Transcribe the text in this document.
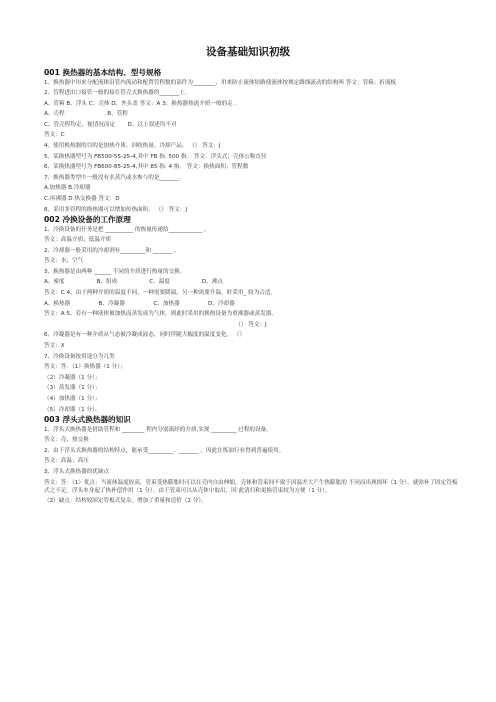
设备基础知识初级

001 换热器的基本结构、型号规格

1、换热器中用来分配流体沿管内流动和配置管程数的部件为________、用来防止流体短路使流体按规定路线流动的结构叫 答文：管箱；折流板

2、管程进出口接管一般的接在管壳式换热器的_______上。

A、管箱 B、浮头 C、壳体 D、外头盖 答文：A 3、换热器热流介质一般的走 。

A、壳程                        B、管程

C、管壳程均走，视情况而定       D、以上叙述均不对

答文：C

4、使用换热器的目的是加热介质、回收热量、冷却产品。 （） 答文：J

5、某换热器型号为 FB500-55-25-4,其中 FB 指. 500 指。 答文：浮头式；壳体公称直径

6、某换热器型号为 FB600-85-25-4,其中 85 指. 4 指。 答文：换热面积；管程数

7、换热器类型中一般没有水蒸汽或水参与的是_______。

A.加热器 B.冷却器

C.再沸器 D.热交换器 答文：D

8、采用多管程的换热器可以增加传热面积。 （） 答文：J

002 冷换设备的工作原理

1、冷换设备的任务是把 __________ 的热量传递给____________ 。

答文：高温介质；低温介质

2、冷却器一般采用的冷却剂有_________和 _______ 。

答文：水；空气

3、换热器是由两种 ______ 不同的介质进行热量的交换。

A、密度                  B、组成                  C、温度                  D、沸点

答文：C 4、由于两种介质的温度不同，一种需要降温，另一种需要升温，时采用_ 较为合适。

A、换热器                B、冷凝器                C、加热器                D、冷却器

答文：A 5、若有一种液体被加热而蒸发成为气体，则此时采用的换热设备为重沸器或蒸发器。

（） 答文：J

6、冷凝器是有一种介质从气态被冷凝成液态，同时伴随大幅度的温度变化。 （）

答文：X

7、冷换设备按用途分为几类

答文：答：（1）换热器（1 分）；

（2）冷凝器（1 分）；

（3）蒸发器（1 分）；

（4）加热器（1 分）；

（5）冷却器（1 分）。

003 浮头式换热器的知识

1、浮头式换热器是借助管程和 ________ 程内分别流经的介质,实现 _________ 过程的设备。

答文：壳；热交换

2、由于浮头式换热器的结构特点，能承受_________、_______ ，因此在炼油行业得到普遍使用。

答文：高温；高压

3、浮头式换热器的优缺点

答文：答：（1）优点：当流体温度较高，管束受热膨胀时可以在壳内自由伸缩，壳体和管束间不致于因温差大产生热膨胀的 不同而出现损坏（1 分），就弥补了固定管板式之不足，浮头本身起了热补偿作用（1 分）。由于管束可以从壳体中取出，因 此清扫和更换管束较为方便（1 分）。

（2）缺点：结构较固定管板式复杂。增加了重量和造价（2 分）。
